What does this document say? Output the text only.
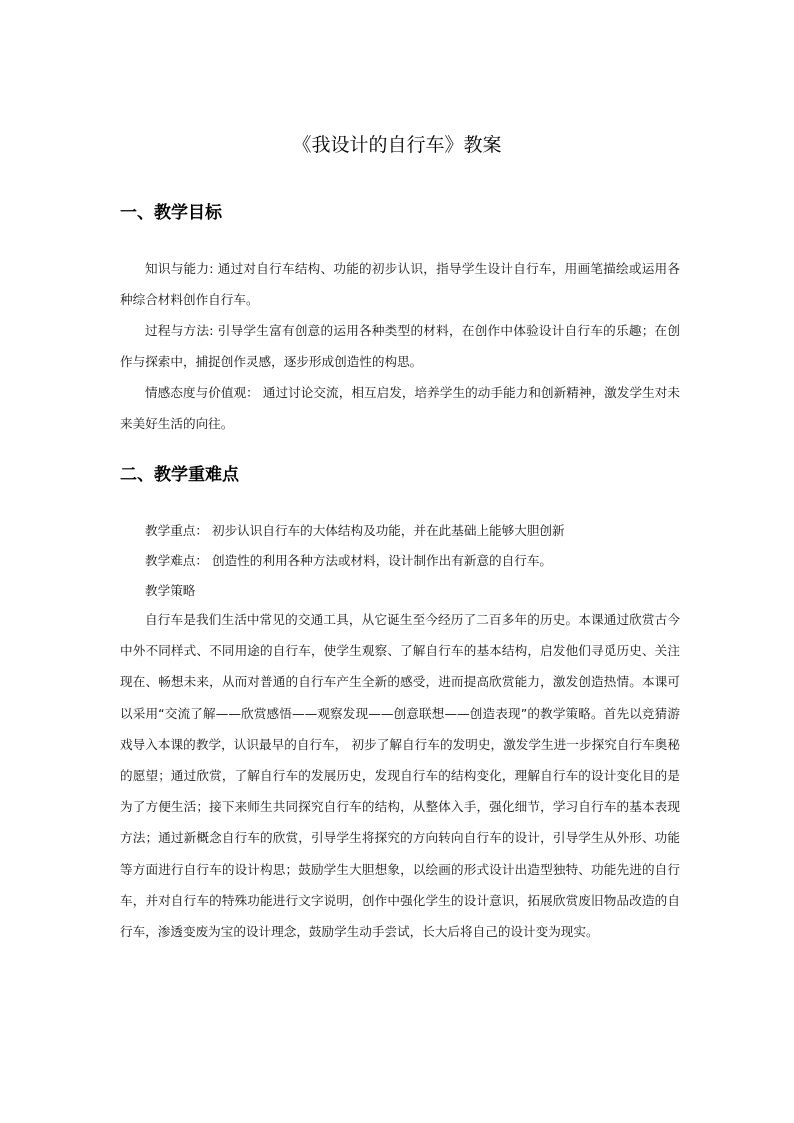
《我设计的自行车》教案
一、教学目标
知识与能力: 通过对自行车结构、功能的初步认识，指导学生设计自行车，用画笔描绘或运用各种综合材料创作自行车。
过程与方法: 引导学生富有创意的运用各种类型的材料，在创作中体验设计自行车的乐趣；在创作与探索中，捕捉创作灵感，逐步形成创造性的构思。
情感态度与价值观： 通过讨论交流，相互启发，培养学生的动手能力和创新精神，激发学生对未来美好生活的向往。
二、教学重难点
教学重点： 初步认识自行车的大体结构及功能，并在此基础上能够大胆创新
教学难点： 创造性的利用各种方法或材料，设计制作出有新意的自行车。
教学策略
自行车是我们生活中常见的交通工具，从它诞生至今经历了二百多年的历史。本课通过欣赏古今中外不同样式、不同用途的自行车，使学生观察、了解自行车的基本结构，启发他们寻觅历史、关注现在、畅想未来，从而对普通的自行车产生全新的感受，进而提高欣赏能力，激发创造热情。本课可以采用“交流了解——欣赏感悟——观察发现——创意联想——创造表现”的教学策略。首先以竞猜游戏导入本课的教学，认识最早的自行车， 初步了解自行车的发明史，激发学生进一步探究自行车奥秘的愿望；通过欣赏，了解自行车的发展历史，发现自行车的结构变化，理解自行车的设计变化目的是为了方便生活；接下来师生共同探究自行车的结构，从整体入手，强化细节，学习自行车的基本表现方法；通过新概念自行车的欣赏，引导学生将探究的方向转向自行车的设计，引导学生从外形、功能等方面进行自行车的设计构思；鼓励学生大胆想象，以绘画的形式设计出造型独特、功能先进的自行车，并对自行车的特殊功能进行文字说明，创作中强化学生的设计意识，拓展欣赏废旧物品改造的自行车，渗透变废为宝的设计理念，鼓励学生动手尝试，长大后将自己的设计变为现实。
